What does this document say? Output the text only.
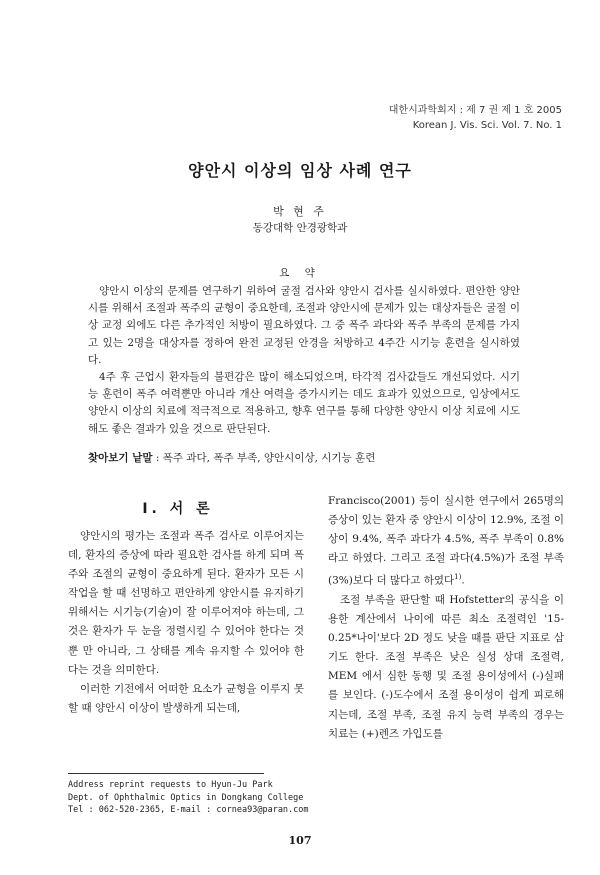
대한시과학회지 : 제 7 권 제 1 호 2005
Korean J. Vis. Sci. Vol. 7. No. 1
양안시 이상의 임상 사례 연구
박 현 주
동강대학 안경광학과
요 약

양안시 이상의 문제를 연구하기 위하여 굴절 검사와 양안시 검사를 실시하였다. 편안한 양안시를 위해서 조절과 폭주의 균형이 중요한데, 조절과 양안시에 문제가 있는 대상자들은 굴절 이상 교정 외에도 다른 추가적인 처방이 필요하였다. 그 중 폭주 과다와 폭주 부족의 문제를 가지고 있는 2명을 대상자를 정하여 완전 교정된 안경을 처방하고 4주간 시기능 훈련을 실시하였다.

4주 후 근업시 환자들의 불편감은 많이 해소되었으며, 타각적 검사값들도 개선되었다. 시기능 훈련이 폭주 여력뿐만 아니라 개산 여력을 증가시키는 데도 효과가 있었으므로, 임상에서도 양안시 이상의 치료에 적극적으로 적용하고, 향후 연구를 통해 다양한 양안시 이상 치료에 시도해도 좋은 결과가 있을 것으로 판단된다.

찾아보기 낱말 : 폭주 과다, 폭주 부족, 양안시이상, 시기능 훈련
I. 서 론

양안시의 평가는 조절과 폭주 검사로 이루어지는데, 환자의 증상에 따라 필요한 검사를 하게 되며 폭주와 조절의 균형이 중요하게 된다. 환자가 모든 시작업을 할 때 선명하고 편안하게 양안시를 유지하기 위해서는 시기능(기술)이 잘 이루어져야 하는데, 그것은 환자가 두 눈을 정렬시킬 수 있어야 한다는 것 뿐 만 아니라, 그 상태를 계속 유지할 수 있어야 한다는 것을 의미한다.

이러한 기전에서 어떠한 요소가 균형을 이루지 못할 때 양안시 이상이 발생하게 되는데,

Francisco(2001) 등이 실시한 연구에서 265명의 증상이 있는 환자 중 양안시 이상이 12.9%, 조절 이상이 9.4%, 폭주 과다가 4.5%, 폭주 부족이 0.8%라고 하였다. 그리고 조절 과다(4.5%)가 조절 부족(3%)보다 더 많다고 하였다$^{1)}$.

조절 부족을 판단할 때 Hofstetter의 공식을 이용한 계산에서 나이에 따른 최소 조절력인 '15-0.25*나이'보다 2D 정도 낮을 때를 판단 지표로 삼기도 한다. 조절 부족은 낮은 실성 상대 조절력, MEM 에서 심한 동행 및 조절 용이성에서 (-)실패를 보인다. (-)도수에서 조절 용이성이 쉽게 피로해지는데, 조절 부족, 조절 유지 능력 부족의 경우는 치료는 (+)렌즈 가입도를

Address reprint requests to Hyun-Ju Park
Dept. of Ophthalmic Optics in Dongkang College
Tel : 062-520-2365, E-mail : cornea93@paran.com
107
